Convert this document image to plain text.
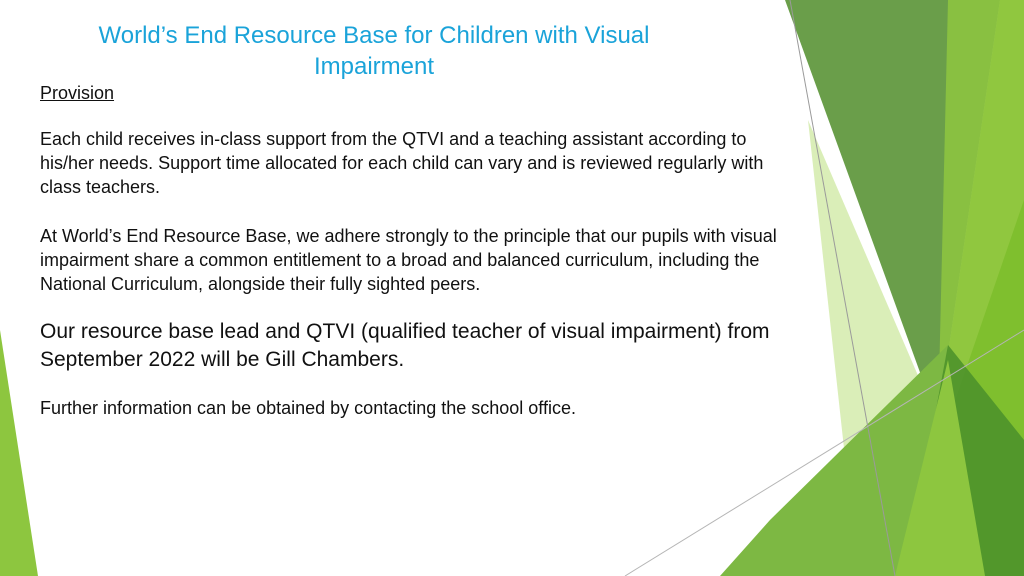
World’s End Resource Base for Children with Visual Impairment
Provision

Each child receives in-class support from the QTVI and a teaching assistant according to his/her needs. Support time allocated for each child can vary and is reviewed regularly with class teachers.

At World’s End Resource Base, we adhere strongly to the principle that our pupils with visual impairment share a common entitlement to a broad and balanced curriculum, including the National Curriculum, alongside their fully sighted peers.

Our resource base lead and QTVI (qualified teacher of visual impairment) from September 2022 will be Gill Chambers.

Further information can be obtained by contacting the school office.
